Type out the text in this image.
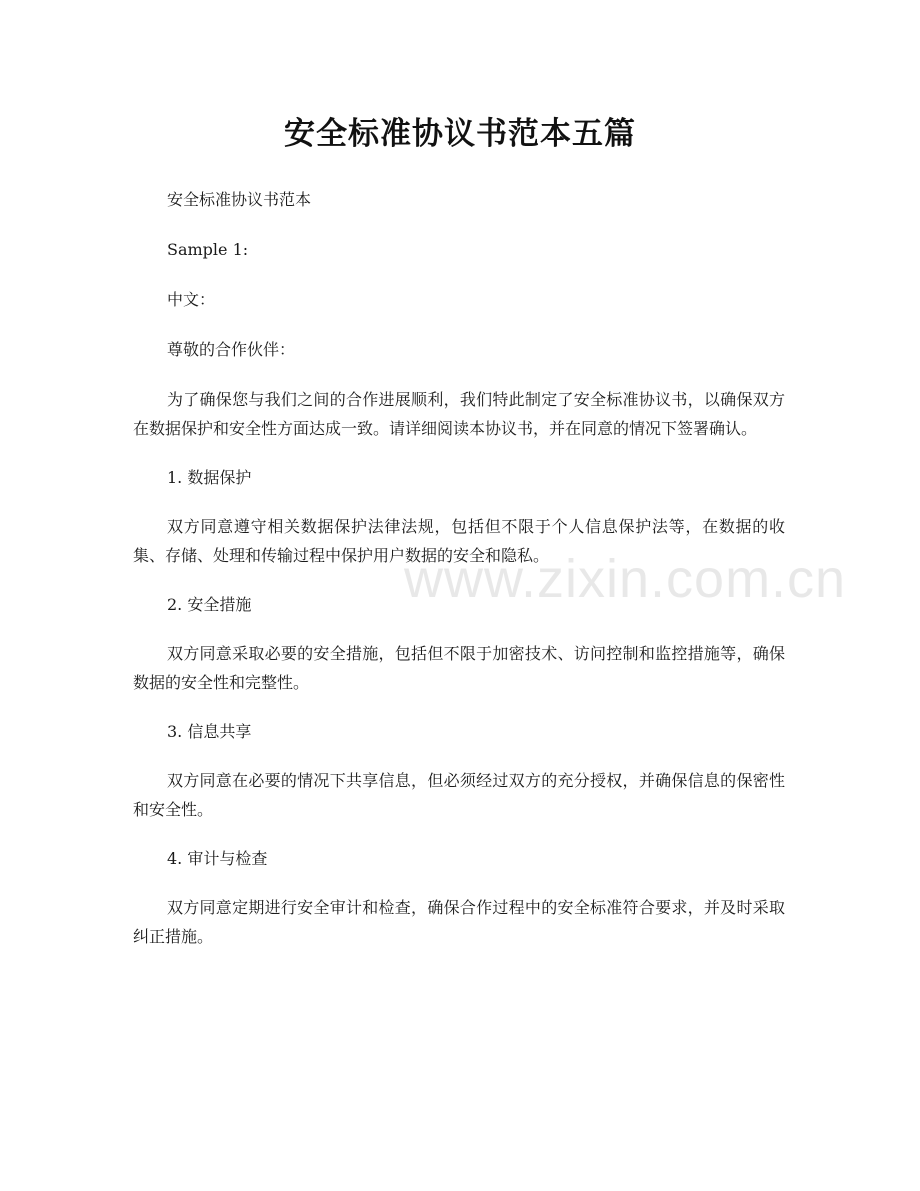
安全标准协议书范本五篇
www.zixin.com.cn

安全标准协议书范本

Sample 1:

中文：

尊敬的合作伙伴：

为了确保您与我们之间的合作进展顺利，我们特此制定了安全标准协议书，以确保双方在数据保护和安全性方面达成一致。请详细阅读本协议书，并在同意的情况下签署确认。

1. 数据保护

双方同意遵守相关数据保护法律法规，包括但不限于个人信息保护法等，在数据的收集、存储、处理和传输过程中保护用户数据的安全和隐私。

2. 安全措施

双方同意采取必要的安全措施，包括但不限于加密技术、访问控制和监控措施等，确保数据的安全性和完整性。

3. 信息共享

双方同意在必要的情况下共享信息，但必须经过双方的充分授权，并确保信息的保密性和安全性。

4. 审计与检查

双方同意定期进行安全审计和检查，确保合作过程中的安全标准符合要求，并及时采取纠正措施。
